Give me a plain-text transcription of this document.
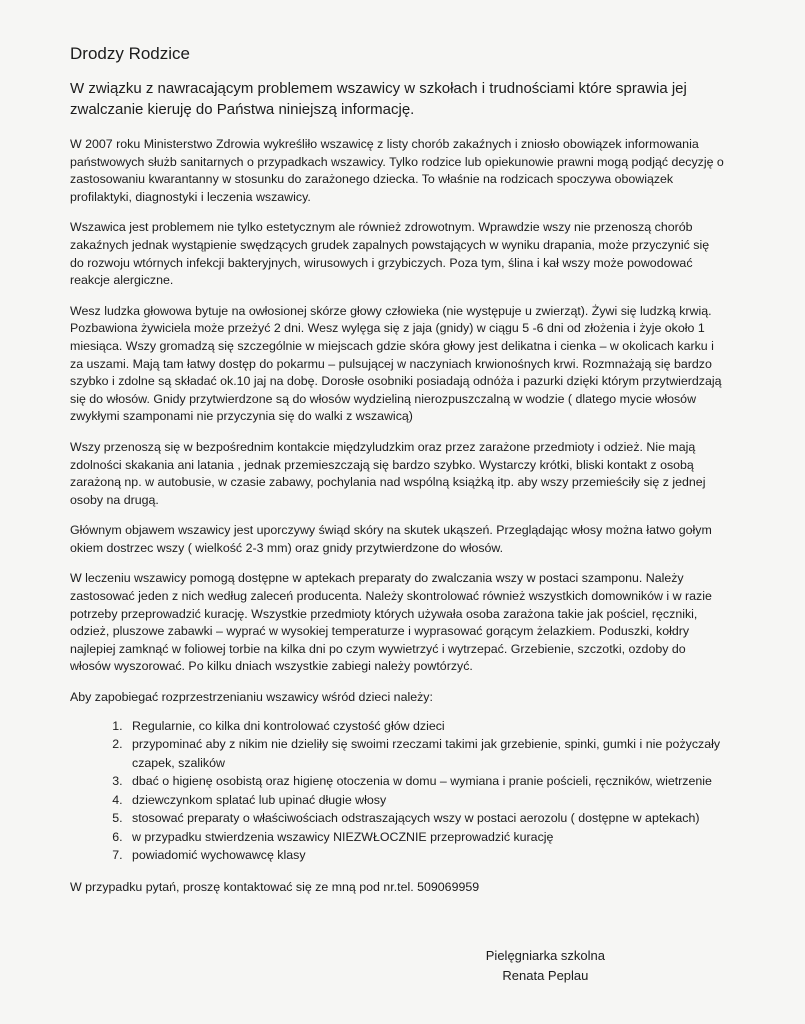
Drodzy Rodzice
W związku z nawracającym problemem wszawicy w szkołach i trudnościami które sprawia jej zwalczanie kieruję do Państwa niniejszą informację.

W 2007 roku Ministerstwo Zdrowia wykreśliło wszawicę z listy chorób zakaźnych i zniosło obowiązek informowania państwowych służb sanitarnych o przypadkach wszawicy. Tylko rodzice lub opiekunowie prawni mogą podjąć decyzję o zastosowaniu kwarantanny w stosunku do zarażonego dziecka. To właśnie na rodzicach spoczywa obowiązek profilaktyki, diagnostyki i leczenia wszawicy.

Wszawica jest problemem nie tylko estetycznym ale również zdrowotnym. Wprawdzie wszy nie przenoszą chorób zakaźnych jednak wystąpienie swędzących grudek zapalnych powstających w wyniku drapania, może przyczynić się do rozwoju wtórnych infekcji bakteryjnych, wirusowych i grzybiczych. Poza tym, ślina i kał wszy może powodować reakcje alergiczne.

Wesz ludzka głowowa bytuje na owłosionej skórze głowy człowieka (nie występuje u zwierząt). Żywi się ludzką krwią. Pozbawiona żywiciela może przeżyć 2 dni. Wesz wylęga się z jaja (gnidy) w ciągu 5 -6 dni od złożenia i żyje około 1 miesiąca. Wszy gromadzą się szczególnie w miejscach gdzie skóra głowy jest delikatna i cienka – w okolicach karku i za uszami. Mają tam łatwy dostęp do pokarmu – pulsującej w naczyniach krwionośnych krwi. Rozmnażają się bardzo szybko i zdolne są składać ok.10 jaj na dobę. Dorosłe osobniki posiadają odnóża i pazurki dzięki którym przytwierdzają się do włosów. Gnidy przytwierdzone są do włosów wydzieliną nierozpuszczalną w wodzie ( dlatego mycie włosów zwykłymi szamponami nie przyczynia się do walki z wszawicą)

Wszy przenoszą się w bezpośrednim kontakcie międzyludzkim oraz przez zarażone przedmioty i odzież. Nie mają zdolności skakania ani latania , jednak przemieszczają się bardzo szybko. Wystarczy krótki, bliski kontakt z osobą zarażoną np. w autobusie, w czasie zabawy, pochylania nad wspólną książką itp. aby wszy przemieściły się z jednej osoby na drugą.

Głównym objawem wszawicy jest uporczywy świąd skóry na skutek ukąszeń. Przeglądając włosy można łatwo gołym okiem dostrzec wszy ( wielkość 2-3 mm) oraz gnidy przytwierdzone do włosów.

W leczeniu wszawicy pomogą dostępne w aptekach preparaty do zwalczania wszy w postaci szamponu. Należy zastosować jeden z nich według zaleceń producenta. Należy skontrolować również wszystkich domowników i w razie potrzeby przeprowadzić kurację. Wszystkie przedmioty których używała osoba zarażona takie jak pościel, ręczniki, odzież, pluszowe zabawki – wyprać w wysokiej temperaturze i wyprasować gorącym żelazkiem. Poduszki, kołdry najlepiej zamknąć w foliowej torbie na kilka dni po czym wywietrzyć i wytrzepać. Grzebienie, szczotki, ozdoby do włosów wyszorować. Po kilku dniach wszystkie zabiegi należy powtórzyć.

Aby zapobiegać rozprzestrzenianiu wszawicy wśród dzieci należy:

1. Regularnie, co kilka dni kontrolować czystość głów dzieci
2. przypominać aby z nikim nie dzieliły się swoimi rzeczami takimi jak grzebienie, spinki, gumki i nie pożyczały czapek, szalików
3. dbać o higienę osobistą oraz higienę otoczenia w domu – wymiana i pranie pościeli, ręczników, wietrzenie
4. dziewczynkom splatać lub upinać długie włosy
5. stosować preparaty o właściwościach odstraszających wszy w postaci aerozolu ( dostępne w aptekach)
6. w przypadku stwierdzenia wszawicy NIEZWŁOCZNIE przeprowadzić kurację
7. powiadomić wychowawcę klasy

W przypadku pytań, proszę kontaktować się ze mną pod nr.tel. 509069959

Pielęgniarka szkolna
Renata Peplau
